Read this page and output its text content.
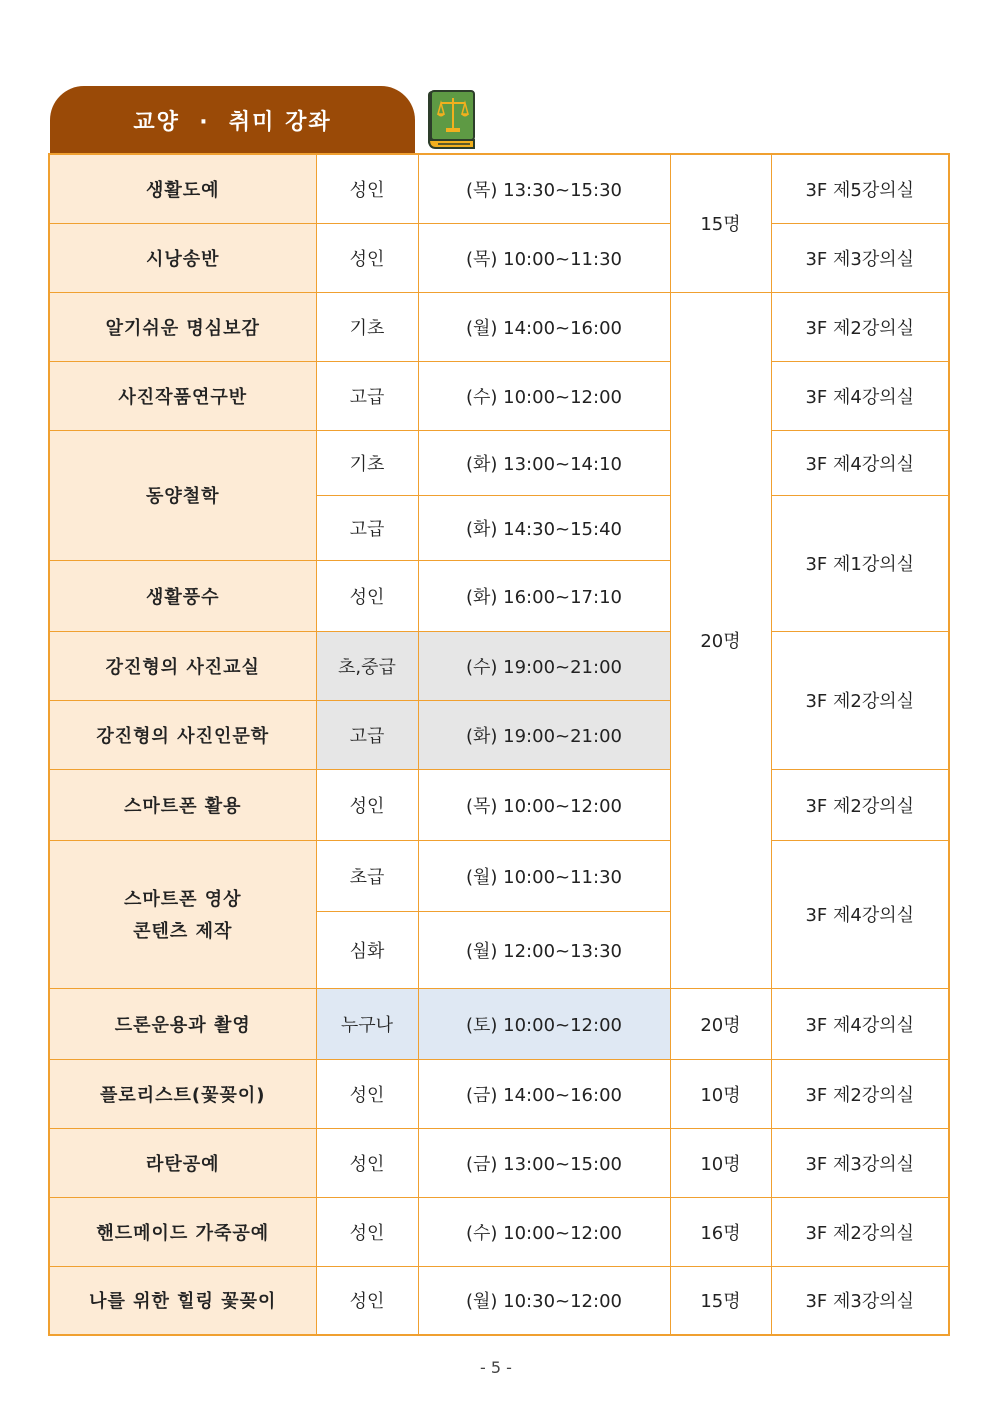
교양  ·  취미 강좌
생활도예	성인	(목) 13:30~15:30	15명	3F 제5강의실
시낭송반	성인	(목) 10:00~11:30		3F 제3강의실
알기쉬운 명심보감	기초	(월) 14:00~16:00	20명	3F 제2강의실
사진작품연구반	고급	(수) 10:00~12:00		3F 제4강의실
동양철학	기초	(화) 13:00~14:10		3F 제4강의실
	고급	(화) 14:30~15:40		3F 제1강의실
생활풍수	성인	(화) 16:00~17:10		
강진형의 사진교실	초,중급	(수) 19:00~21:00		3F 제2강의실
강진형의 사진인문학	고급	(화) 19:00~21:00		
스마트폰 활용	성인	(목) 10:00~12:00		3F 제2강의실

스마트폰 영상
콘텐츠 제작	초급	(월) 10:00~11:30		3F 제4강의실
	심화	(월) 12:00~13:30		
드론운용과 촬영	누구나	(토) 10:00~12:00	20명	3F 제4강의실
플로리스트(꽃꽂이)	성인	(금) 14:00~16:00	10명	3F 제2강의실
라탄공예	성인	(금) 13:00~15:00	10명	3F 제3강의실
핸드메이드 가죽공예	성인	(수) 10:00~12:00	16명	3F 제2강의실
나를 위한 힐링 꽃꽂이	성인	(월) 10:30~12:00	15명	3F 제3강의실
- 5 -
